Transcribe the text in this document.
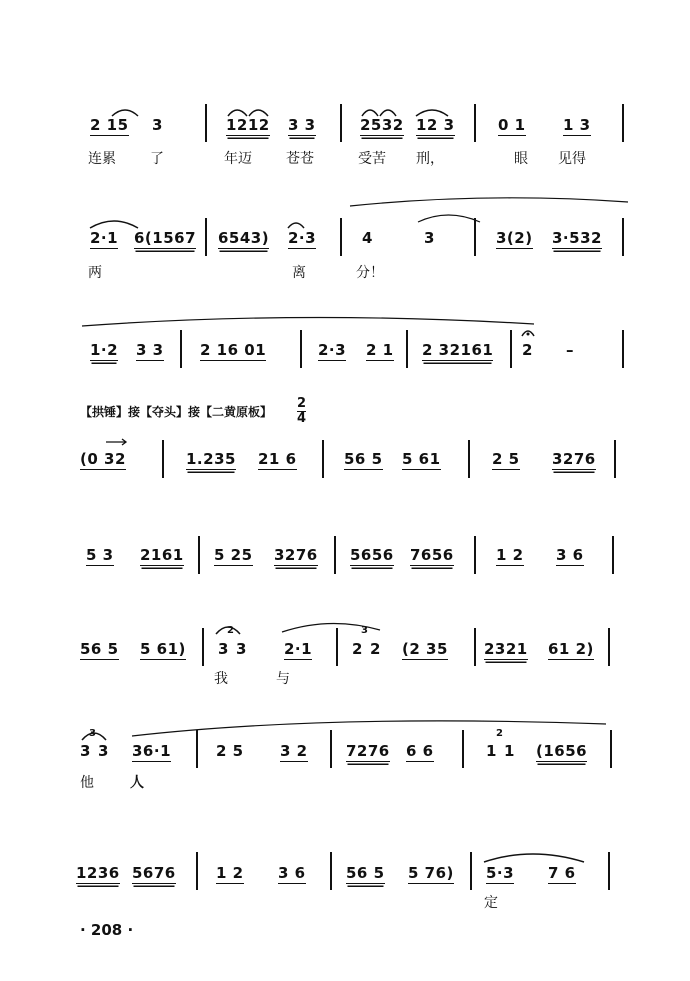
2 15 3	1212 3 3	2532 12 3	0 1 1 3
连累 了	年迈 苍苍	受苦 刑，	眼 见得
2·1 6(1567 6543) 2·3	4	3	3(2) 3·532
两	离	分！
1·2 3 3 2 16 01	2·3 2 1 2 32161 2 –
【拱锤】接【夺头】接【二黄原板】
2
4
(0 32	1.235 21 6	56 5 5 61	2 5 3276
5 3 2161 5 25 3276 5656 7656	1 2 3 6
56 5 5 61) 3 3
2
2·1	2 2
3
(2 35 2321 61 2)
我	与
3 3
3
36·1	2 5 3 2	7276 6 6	1 1
2
(1656
他	人
1236 5676	1 2 3 6	56 5 5 76) 5·3 7 6
定
· 208 ·
